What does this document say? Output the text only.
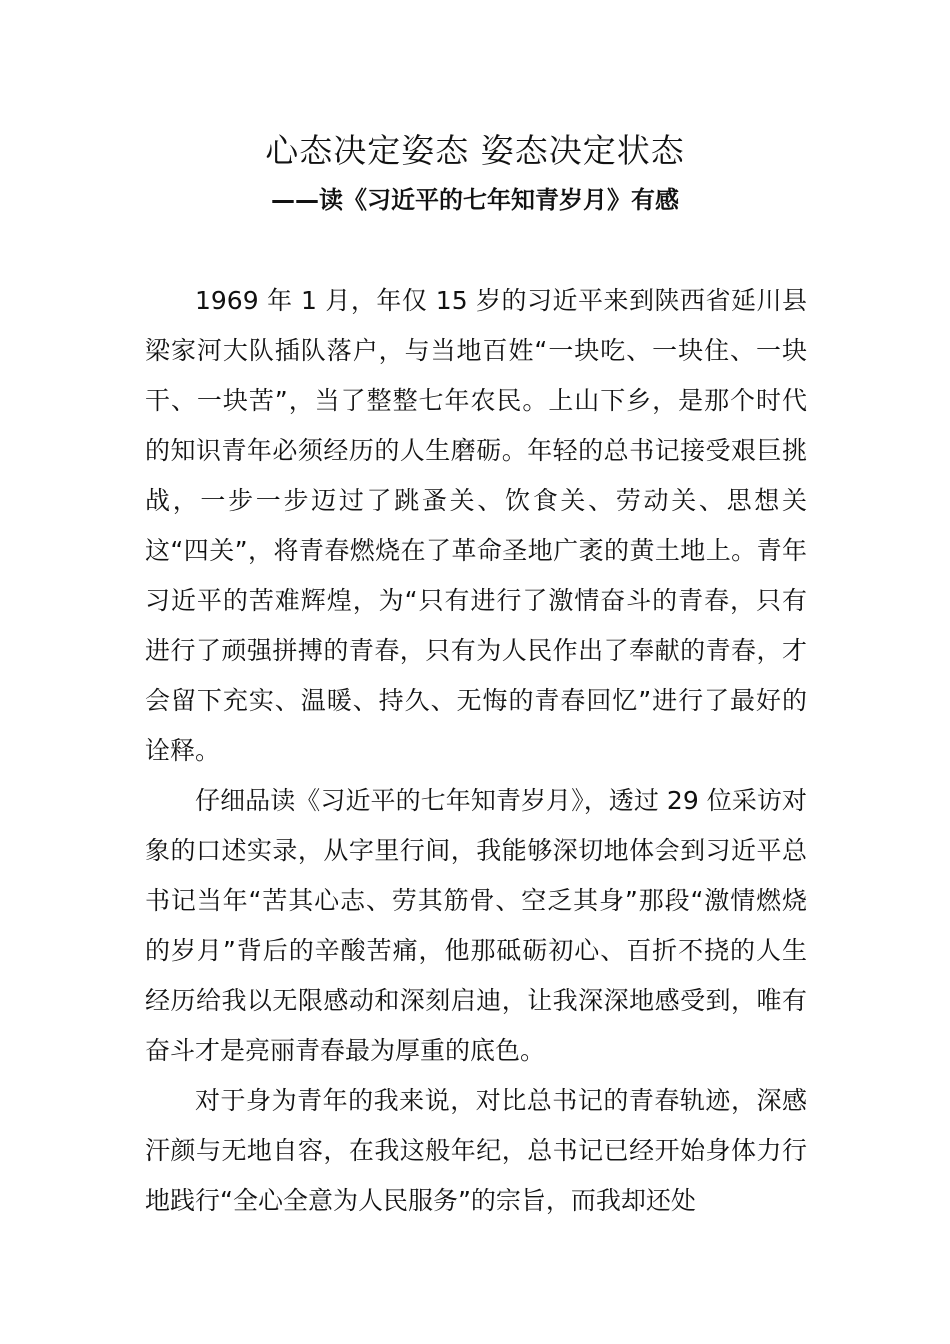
心态决定姿态 姿态决定状态
——读《习近平的七年知青岁月》有感

1969 年 1 月，年仅 15 岁的习近平来到陕西省延川县梁家河大队插队落户，与当地百姓“一块吃、一块住、一块干、一块苦”，当了整整七年农民。上山下乡，是那个时代的知识青年必须经历的人生磨砺。年轻的总书记接受艰巨挑战，一步一步迈过了跳蚤关、饮食关、劳动关、思想关这“四关”，将青春燃烧在了革命圣地广袤的黄土地上。青年习近平的苦难辉煌，为“只有进行了激情奋斗的青春，只有进行了顽强拼搏的青春，只有为人民作出了奉献的青春，才会留下充实、温暖、持久、无悔的青春回忆”进行了最好的诠释。

仔细品读《习近平的七年知青岁月》，透过 29 位采访对象的口述实录，从字里行间，我能够深切地体会到习近平总书记当年“苦其心志、劳其筋骨、空乏其身”那段“激情燃烧的岁月”背后的辛酸苦痛，他那砥砺初心、百折不挠的人生经历给我以无限感动和深刻启迪，让我深深地感受到，唯有奋斗才是亮丽青春最为厚重的底色。

对于身为青年的我来说，对比总书记的青春轨迹，深感汗颜与无地自容，在我这般年纪，总书记已经开始身体力行地践行“全心全意为人民服务”的宗旨，而我却还处
